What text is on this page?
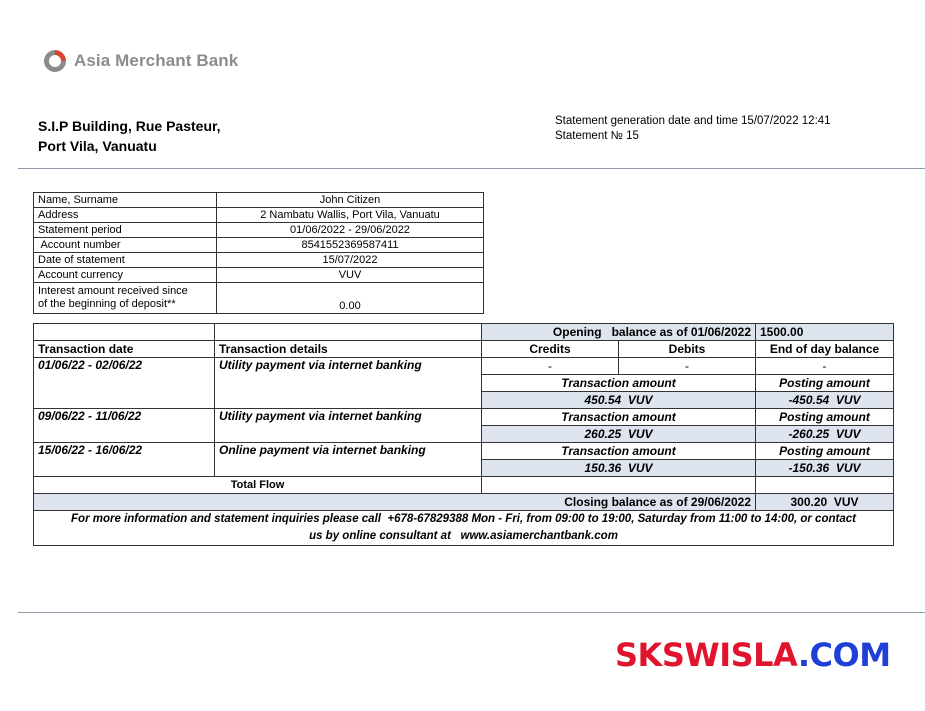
Asia Merchant Bank
S.I.P Building, Rue Pasteur,
Port Vila, Vanuatu
Statement generation date and time 15/07/2022 12:41
Statement № 15
Name, Surname	John Citizen
Address	2 Nambatu Wallis, Port Vila, Vanuatu
Statement period	01/06/2022 - 29/06/2022
Account number	8541552369587411
Date of statement	15/07/2022
Account currency	VUV

Interest amount received since
of the beginning of deposit**	0.00
		Opening   balance as of 01/06/2022		1500.00
Transaction date	Transaction details	Credits	Debits	End of day balance
01/06/22 - 02/06/22	Utility payment via internet banking	-	-	-
		Transaction amount		Posting amount
		450.54  VUV		-450.54  VUV
09/06/22 - 11/06/22	Utility payment via internet banking	Transaction amount		Posting amount
		260.25  VUV		-260.25  VUV
15/06/22 - 16/06/22	Online payment via internet banking	Transaction amount		Posting amount
		150.36  VUV		-150.36  VUV
Total Flow				
Closing balance as of 29/06/2022				300.20  VUV

For more information and statement inquiries please call  +678-67829388 Mon - Fri, from 09:00 to 19:00, Saturday from 11:00 to 14:00, or contact
us by online consultant at   www.asiamerchantbank.com				
SKSWISLA.COM
